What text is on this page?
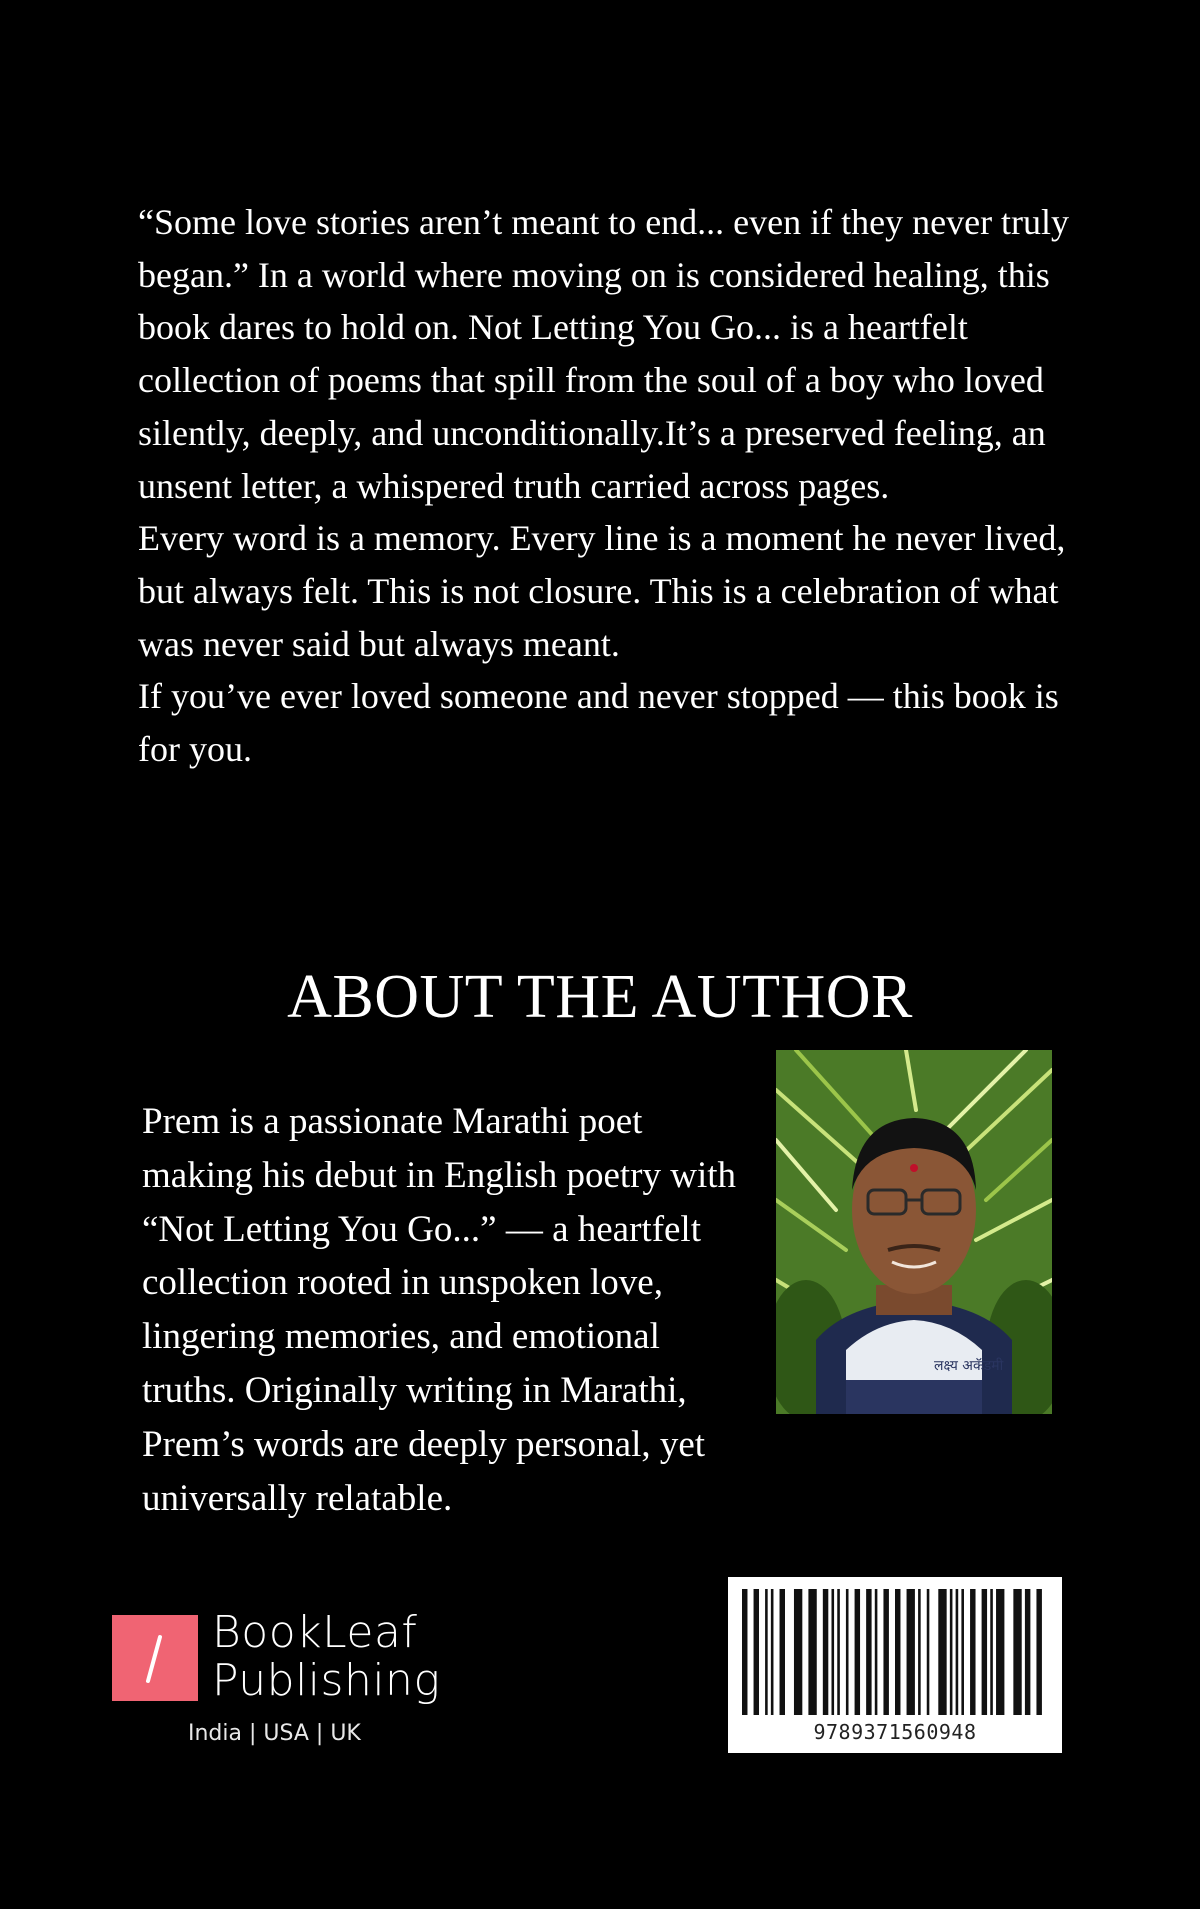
“Some love stories aren’t meant to end... even if they never truly began.” In a world where moving on is considered healing, this book dares to hold on. Not Letting You Go... is a heartfelt collection of poems that spill from the soul of a boy who loved silently, deeply, and unconditionally.It’s a preserved feeling, an unsent letter, a whispered truth carried across pages.

Every word is a memory. Every line is a moment he never lived, but always felt. This is not closure. This is a celebration of what was never said but always meant.

If you’ve ever loved someone and never stopped — this book is for you.

ABOUT THE AUTHOR

Prem is a passionate Marathi poet making his debut in English poetry with “Not Letting You Go...” — a heartfelt collection rooted in unspoken love, lingering memories, and emotional truths. Originally writing in Marathi, Prem’s words are deeply personal, yet universally relatable.

लक्ष्य अकॅडमी
BookLeaf
Publishing
India | USA | UK	9789371560948
